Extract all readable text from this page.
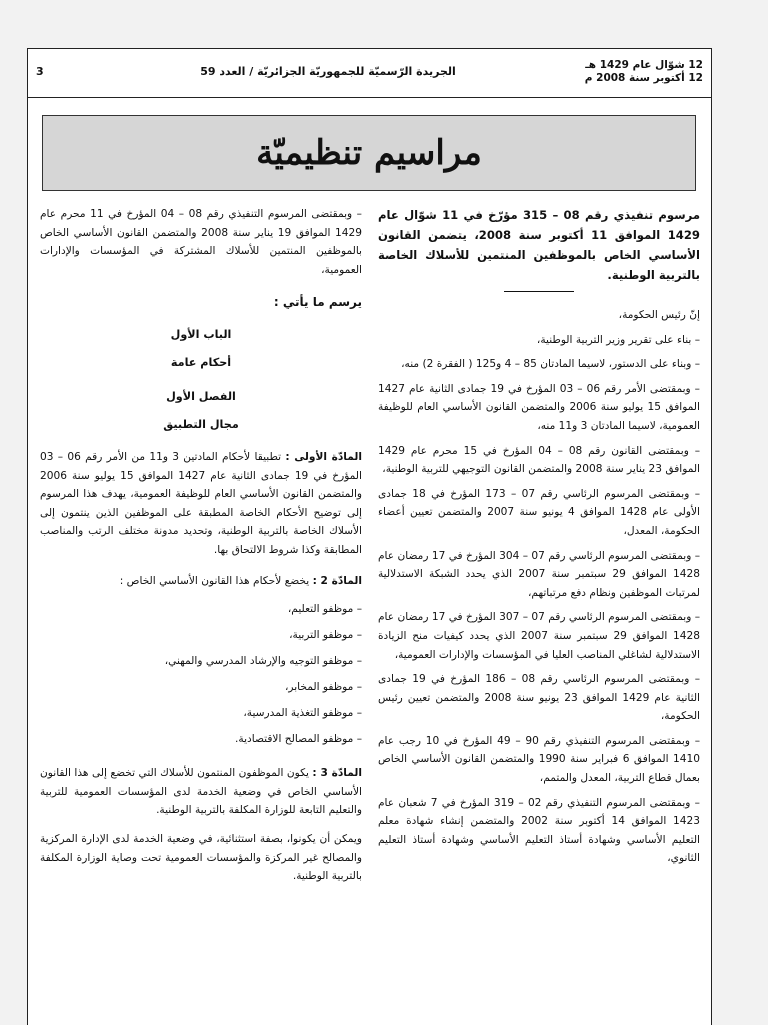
12 شوّال عام 1429 هـ
12 أكتوبر سنة 2008 م
الجريدة الرّسميّة للجمهوريّة الجزائريّة / العدد 59
3
مراسيم تنظيميّة

مرسوم تنفيذي رقم 08 – 315 مؤرّخ في 11 شوّال عام 1429 الموافق 11 أكتوبر سنة 2008، يتضمن القانون الأساسي الخاص بالموظفين المنتمين للأسلاك الخاصة بالتربية الوطنية.

إنّ رئيس الحكومة،

– بناء على تقرير وزير التربية الوطنية،

– وبناء على الدستور، لاسيما المادتان 85 – 4 و125 ( الفقرة 2) منه،

– وبمقتضى الأمر رقم 06 – 03 المؤرخ في 19 جمادى الثانية عام 1427 الموافق 15 يوليو سنة 2006 والمتضمن القانون الأساسي العام للوظيفة العمومية، لاسيما المادتان 3 و11 منه،

– وبمقتضى القانون رقم 08 – 04 المؤرخ في 15 محرم عام 1429 الموافق 23 يناير سنة 2008 والمتضمن القانون التوجيهي للتربية الوطنية،

– وبمقتضى المرسوم الرئاسي رقم 07 – 173 المؤرخ في 18 جمادى الأولى عام 1428 الموافق 4 يونيو سنة 2007 والمتضمن تعيين أعضاء الحكومة، المعدل،

– وبمقتضى المرسوم الرئاسي رقم 07 – 304 المؤرخ في 17 رمضان عام 1428 الموافق 29 سبتمبر سنة 2007 الذي يحدد الشبكة الاستدلالية لمرتبات الموظفين ونظام دفع مرتباتهم،

– وبمقتضى المرسوم الرئاسي رقم 07 – 307 المؤرخ في 17 رمضان عام 1428 الموافق 29 سبتمبر سنة 2007 الذي يحدد كيفيات منح الزيادة الاستدلالية لشاغلي المناصب العليا في المؤسسات والإدارات العمومية،

– وبمقتضى المرسوم الرئاسي رقم 08 – 186 المؤرخ في 19 جمادى الثانية عام 1429 الموافق 23 يونيو سنة 2008 والمتضمن تعيين رئيس الحكومة،

– وبمقتضى المرسوم التنفيذي رقم 90 – 49 المؤرخ في 10 رجب عام 1410 الموافق 6 فبراير سنة 1990 والمتضمن القانون الأساسي الخاص بعمال قطاع التربية، المعدل والمتمم،

– وبمقتضى المرسوم التنفيذي رقم 02 – 319 المؤرخ في 7 شعبان عام 1423 الموافق 14 أكتوبر سنة 2002 والمتضمن إنشاء شهادة معلم التعليم الأساسي وشهادة أستاذ التعليم الأساسي وشهادة أستاذ التعليم الثانوي،

– وبمقتضى المرسوم التنفيذي رقم 08 – 04 المؤرخ في 11 محرم عام 1429 الموافق 19 يناير سنة 2008 والمتضمن القانون الأساسي الخاص بالموظفين المنتمين للأسلاك المشتركة في المؤسسات والإدارات العمومية،

يرسم ما يأتي :

الباب الأول

أحكام عامة

الفصل الأول

مجال التطبيق

المادّة الأولى : تطبيقا لأحكام المادتين 3 و11 من الأمر رقم 06 – 03 المؤرخ في 19 جمادى الثانية عام 1427 الموافق 15 يوليو سنة 2006 والمتضمن القانون الأساسي العام للوظيفة العمومية، يهدف هذا المرسوم إلى توضيح الأحكام الخاصة المطبقة على الموظفين الذين ينتمون إلى الأسلاك الخاصة بالتربية الوطنية، وتحديد مدونة مختلف الرتب والمناصب المطابقة وكذا شروط الالتحاق بها.

المادّة 2 : يخضع لأحكام هذا القانون الأساسي الخاص :

– موظفو التعليم،
– موظفو التربية،
– موظفو التوجيه والإرشاد المدرسي والمهني،
– موظفو المخابر،
– موظفو التغذية المدرسية،
– موظفو المصالح الاقتصادية.

المادّة 3 : يكون الموظفون المنتمون للأسلاك التي تخضع إلى هذا القانون الأساسي الخاص في وضعية الخدمة لدى المؤسسات العمومية للتربية والتعليم التابعة للوزارة المكلفة بالتربية الوطنية.

ويمكن أن يكونوا، بصفة استثنائية، في وضعية الخدمة لدى الإدارة المركزية والمصالح غير المركزة والمؤسسات العمومية تحت وصاية الوزارة المكلفة بالتربية الوطنية.
